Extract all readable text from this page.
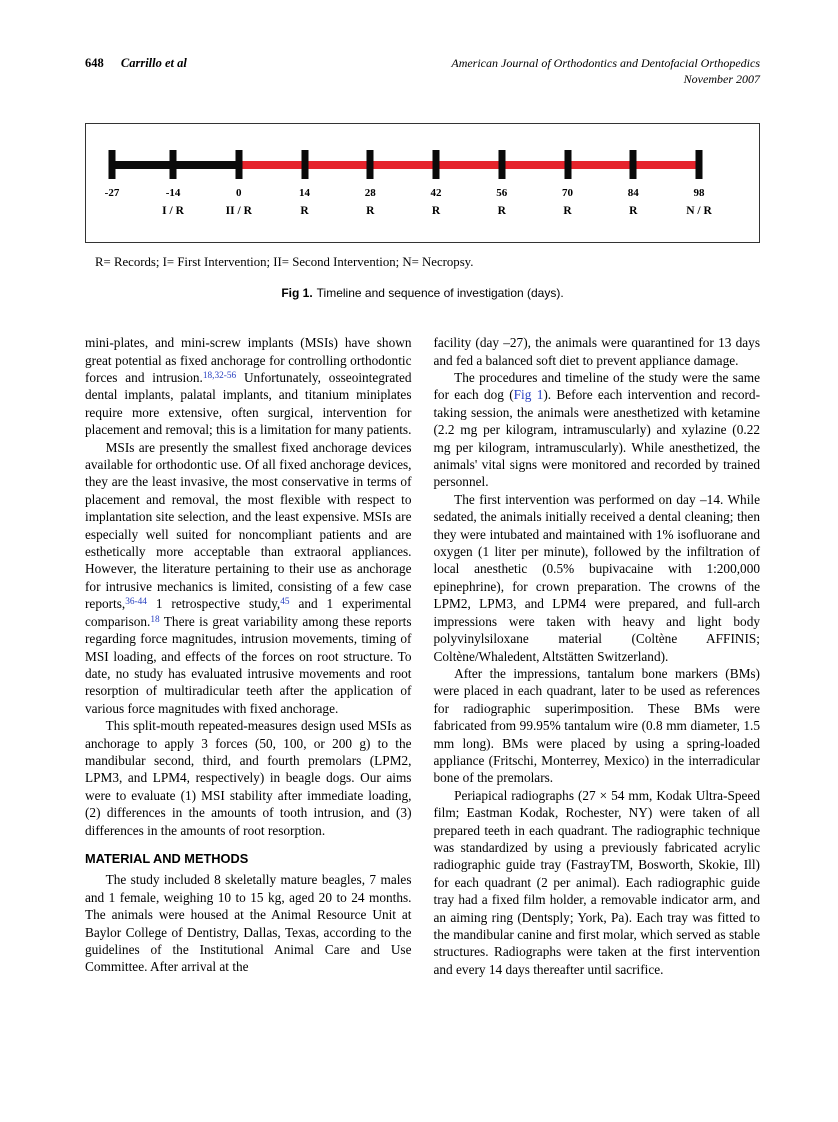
648 Carrillo et al	American Journal of Orthodontics and Dentofacial Orthopedics
November 2007
-27	-14
I / R
0
II / R
14
R
28
R
42
R
56
R
70
R
84
R
98
N / R
R= Records; I= First Intervention; II= Second Intervention; N= Necropsy.
Fig 1. Timeline and sequence of investigation (days).

mini-plates, and mini-screw implants (MSIs) have shown great potential as fixed anchorage for controlling orthodontic forces and intrusion.$^{18,32-56}$ Unfortunately, osseointegrated dental implants, palatal implants, and titanium miniplates require more extensive, often surgical, intervention for placement and removal; this is a limitation for many patients.

MSIs are presently the smallest fixed anchorage devices available for orthodontic use. Of all fixed anchorage devices, they are the least invasive, the most conservative in terms of placement and removal, the most flexible with respect to implantation site selection, and the least expensive. MSIs are especially well suited for noncompliant patients and are esthetically more acceptable than extraoral appliances. However, the literature pertaining to their use as anchorage for intrusive mechanics is limited, consisting of a few case reports,$^{36-44}$ 1 retrospective study,$^{45}$ and 1 experimental comparison.$^{18}$ There is great variability among these reports regarding force magnitudes, intrusion movements, timing of MSI loading, and effects of the forces on root structure. To date, no study has evaluated intrusive movements and root resorption of multiradicular teeth after the application of various force magnitudes with fixed anchorage.

This split-mouth repeated-measures design used MSIs as anchorage to apply 3 forces (50, 100, or 200 g) to the mandibular second, third, and fourth premolars (LPM2, LPM3, and LPM4, respectively) in beagle dogs. Our aims were to evaluate (1) MSI stability after immediate loading, (2) differences in the amounts of tooth intrusion, and (3) differences in the amounts of root resorption.

MATERIAL AND METHODS

The study included 8 skeletally mature beagles, 7 males and 1 female, weighing 10 to 15 kg, aged 20 to 24 months. The animals were housed at the Animal Resource Unit at Baylor College of Dentistry, Dallas, Texas, according to the guidelines of the Institutional Animal Care and Use Committee. After arrival at the

facility (day –27), the animals were quarantined for 13 days and fed a balanced soft diet to prevent appliance damage.

The procedures and timeline of the study were the same for each dog (Fig 1). Before each intervention and record-taking session, the animals were anesthetized with ketamine (2.2 mg per kilogram, intramuscularly) and xylazine (0.22 mg per kilogram, intramuscularly). While anesthetized, the animals' vital signs were monitored and recorded by trained personnel.

The first intervention was performed on day –14. While sedated, the animals initially received a dental cleaning; then they were intubated and maintained with 1% isofluorane and oxygen (1 liter per minute), followed by the infiltration of local anesthetic (0.5% bupivacaine with 1:200,000 epinephrine), for crown preparation. The crowns of the LPM2, LPM3, and LPM4 were prepared, and full-arch impressions were taken with heavy and light body polyvinylsiloxane material (Coltène AFFINIS; Coltène/Whaledent, Altstätten Switzerland).

After the impressions, tantalum bone markers (BMs) were placed in each quadrant, later to be used as references for radiographic superimposition. These BMs were fabricated from 99.95% tantalum wire (0.8 mm diameter, 1.5 mm long). BMs were placed by using a spring-loaded appliance (Fritschi, Monterrey, Mexico) in the interradicular bone of the premolars.

Periapical radiographs (27 × 54 mm, Kodak Ultra-Speed film; Eastman Kodak, Rochester, NY) were taken of all prepared teeth in each quadrant. The radiographic technique was standardized by using a previously fabricated acrylic radiographic guide tray (FastrayTM, Bosworth, Skokie, Ill) for each quadrant (2 per animal). Each radiographic guide tray had a fixed film holder, a removable indicator arm, and an aiming ring (Dentsply; York, Pa). Each tray was fitted to the mandibular canine and first molar, which served as stable structures. Radiographs were taken at the first intervention and every 14 days thereafter until sacrifice.
